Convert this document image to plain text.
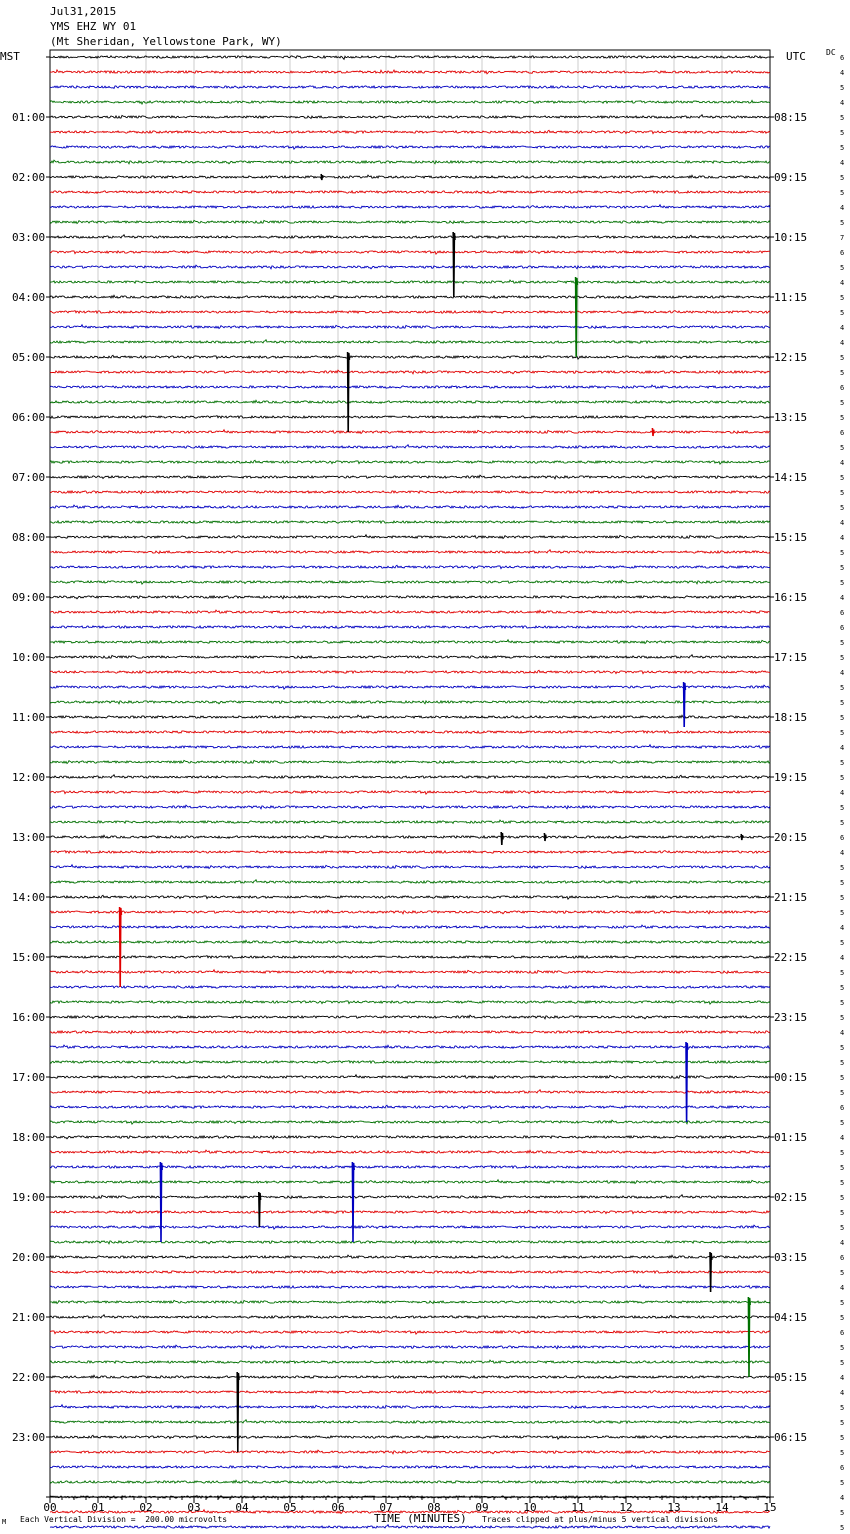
Jul31,2015
YMS EHZ WY 01
(Mt Sheridan, Yellowstone Park, WY)
MST	UTC	DC
00	01	02	03	04	05	06	07	08	09	10	11	12	13	14	15
6
4
5
4
5
5
5
4
5
5
4
5
7
6
5
4
5
5
4
4
5
5
6
5
5
6
5
4
5
5
5
4
4
5
5
5
4
6
6
5
5
4
5
5
5
5
4
5
5
4
5
5
6
4
5
5
5
5
4
5
4
5
5
5
5
4
5
5
5
5
6
5
4
5
5
5
5
5
5
4
6
5
4
5
5
6
5
5
4
4
5
5
5
5
6
5
4
5
5
01:00
02:00
03:00
04:00
05:00
06:00
07:00
08:00
09:00
10:00
11:00
12:00
13:00
14:00
15:00
16:00
17:00
18:00
19:00
20:00
21:00
22:00
23:00
08:15
09:15
10:15
11:15
12:15
13:15
14:15
15:15
16:15
17:15
18:15
19:15
20:15
21:15
22:15
23:15
00:15
01:15
02:15
03:15
04:15
05:15
06:15
M Each Vertical Division =  200.00 microvolts	TIME (MINUTES) Traces clipped at plus/minus 5 vertical divisions
